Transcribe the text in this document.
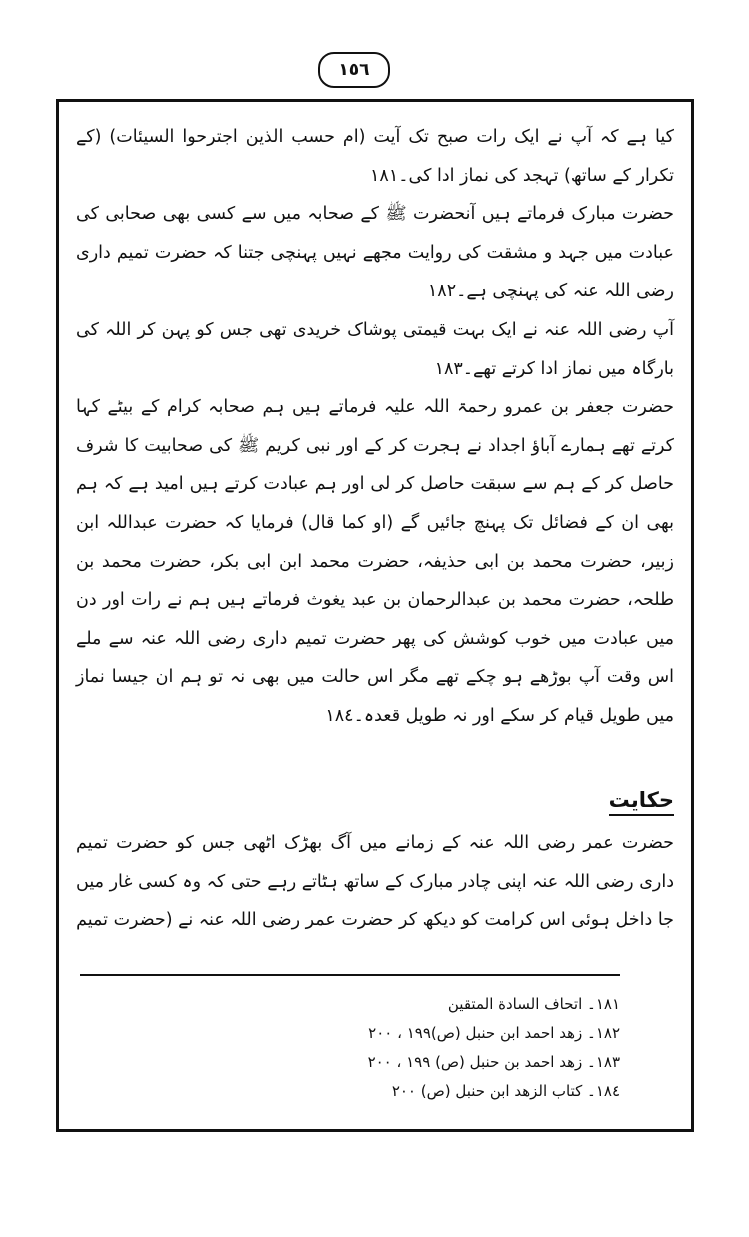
١٥٦

کیا ہے کہ آپ نے ایک رات صبح تک آیت (ام حسب الذین اجترحوا السیئات) (کے تکرار کے ساتھ) تہجد کی نماز ادا کی۔١٨١

حضرت مبارک فرماتے ہیں آنحضرت ﷺ کے صحابہ میں سے کسی بھی صحابی کی عبادت میں جہد و مشقت کی روایت مجھے نہیں پہنچی جتنا کہ حضرت تمیم داری رضی اللہ عنہ کی پہنچی ہے۔١٨٢

آپ رضی اللہ عنہ نے ایک بہت قیمتی پوشاک خریدی تھی جس کو پہن کر اللہ کی بارگاہ میں نماز ادا کرتے تھے۔١٨٣

حضرت جعفر بن عمرو رحمۃ اللہ علیہ فرماتے ہیں ہم صحابہ کرام کے بیٹے کہا کرتے تھے ہمارے آباؤ اجداد نے ہجرت کر کے اور نبی کریم ﷺ کی صحابیت کا شرف حاصل کر کے ہم سے سبقت حاصل کر لی اور ہم عبادت کرتے ہیں امید ہے کہ ہم بھی ان کے فضائل تک پہنچ جائیں گے (او کما قال) فرمایا کہ حضرت عبداللہ ابن زبیر، حضرت محمد بن ابی حذیفہ، حضرت محمد ابن ابی بکر، حضرت محمد بن طلحہ، حضرت محمد بن عبدالرحمان بن عبد یغوث فرماتے ہیں ہم نے رات اور دن میں عبادت میں خوب کوشش کی پھر حضرت تمیم داری رضی اللہ عنہ سے ملے اس وقت آپ بوڑھے ہو چکے تھے مگر اس حالت میں بھی نہ تو ہم ان جیسا نماز میں طویل قیام کر سکے اور نہ طویل قعدہ۔١٨٤

حکایت

حضرت عمر رضی اللہ عنہ کے زمانے میں آگ بھڑک اٹھی جس کو حضرت تمیم داری رضی اللہ عنہ اپنی چادر مبارک کے ساتھ ہٹاتے رہے حتی کہ وہ کسی غار میں جا داخل ہوئی اس کرامت کو دیکھ کر حضرت عمر رضی اللہ عنہ نے (حضرت تمیم

١٨١۔ اتحاف السادة المتقين
١٨٢۔ زهد احمد ابن حنبل (ص)١٩٩ ، ٢٠٠
١٨٣۔ زهد احمد بن حنبل (ص) ١٩٩ ، ٢٠٠
١٨٤۔ كتاب الزهد ابن حنبل (ص) ٢٠٠
